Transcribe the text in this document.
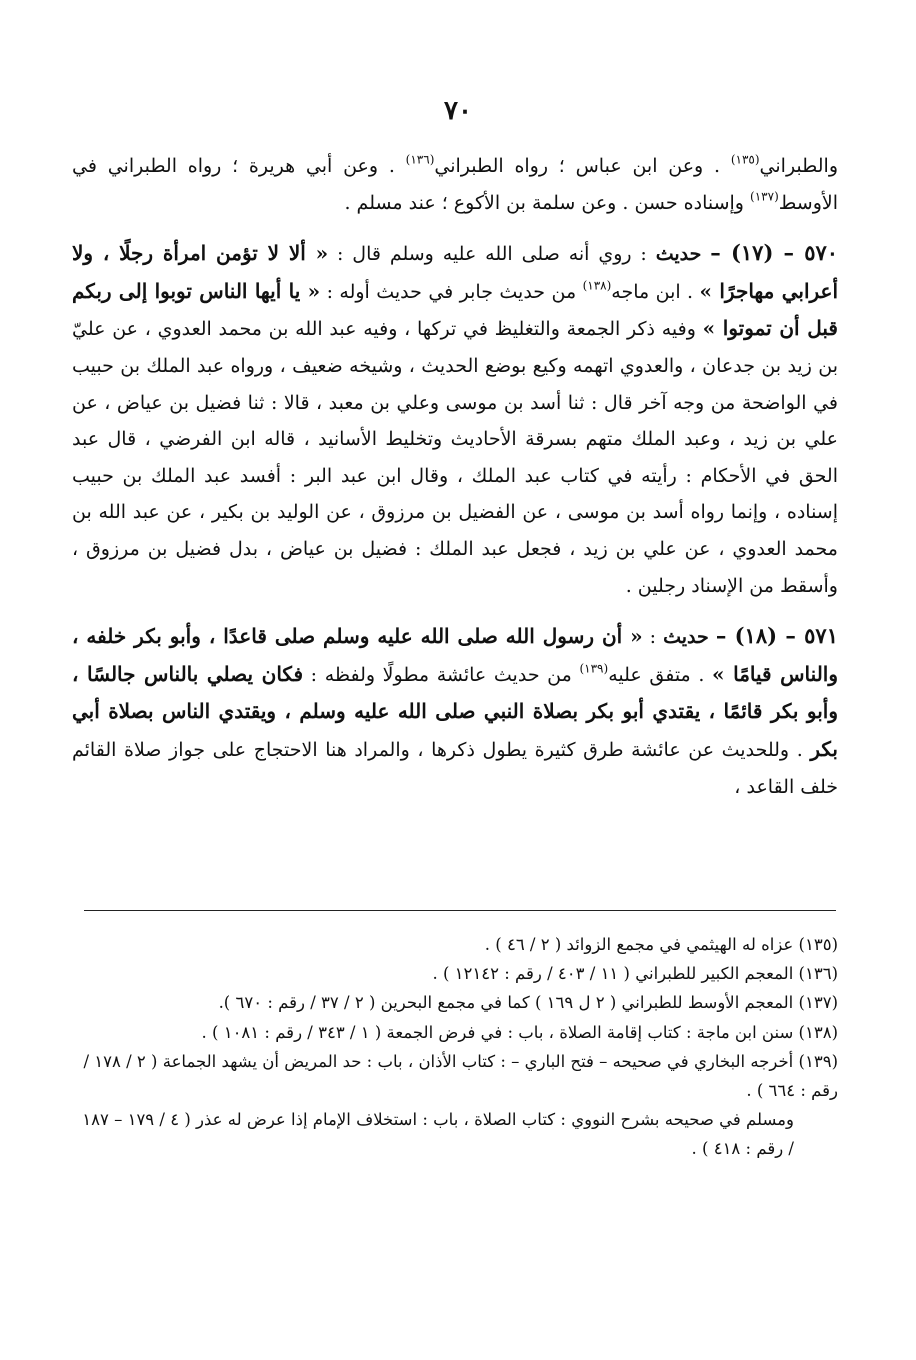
٧٠

والطبراني$^{(١٣٥)}$ . وعن ابن عباس ؛ رواه الطبراني$^{(١٣٦)}$ . وعن أبي هريرة ؛ رواه الطبراني في الأوسط$^{(١٣٧)}$ وإسناده حسن . وعن سلمة بن الأكوع ؛ عند مسلم .

٥٧٠ – (١٧) – حديث : روي أنه صلى الله عليه وسلم قال : « ألا لا تؤمن امرأة رجلًا ، ولا أعرابي مهاجرًا » . ابن ماجه$^{(١٣٨)}$ من حديث جابر في حديث أوله : « يا أيها الناس توبوا إلى ربكم قبل أن تموتوا » وفيه ذكر الجمعة والتغليظ في تركها ، وفيه عبد الله بن محمد العدوي ، عن عليّ بن زيد بن جدعان ، والعدوي اتهمه وكيع بوضع الحديث ، وشيخه ضعيف ، ورواه عبد الملك بن حبيب في الواضحة من وجه آخر قال : ثنا أسد بن موسى وعلي بن معبد ، قالا : ثنا فضيل بن عياض ، عن علي بن زيد ، وعبد الملك متهم بسرقة الأحاديث وتخليط الأسانيد ، قاله ابن الفرضي ، قال عبد الحق في الأحكام : رأيته في كتاب عبد الملك ، وقال ابن عبد البر : أفسد عبد الملك بن حبيب إسناده ، وإنما رواه أسد بن موسى ، عن الفضيل بن مرزوق ، عن الوليد بن بكير ، عن عبد الله بن محمد العدوي ، عن علي بن زيد ، فجعل عبد الملك : فضيل بن عياض ، بدل فضيل بن مرزوق ، وأسقط من الإسناد رجلين .

٥٧١ – (١٨) – حديث : « أن رسول الله صلى الله عليه وسلم صلى قاعدًا ، وأبو بكر خلفه ، والناس قيامًا » . متفق عليه$^{(١٣٩)}$ من حديث عائشة مطولًا ولفظه : فكان يصلي بالناس جالسًا ، وأبو بكر قائمًا ، يقتدي أبو بكر بصلاة النبي صلى الله عليه وسلم ، ويقتدي الناس بصلاة أبي بكر . وللحديث عن عائشة طرق كثيرة يطول ذكرها ، والمراد هنا الاحتجاج على جواز صلاة القائم خلف القاعد ،

(١٣٥) عزاه له الهيثمي في مجمع الزوائد ( ٢ / ٤٦ ) .

(١٣٦) المعجم الكبير للطبراني ( ١١ / ٤٠٣ / رقم : ١٢١٤٢ ) .

(١٣٧) المعجم الأوسط للطبراني ( ٢ ل ١٦٩ ) كما في مجمع البحرين ( ٢ / ٣٧ / رقم : ٦٧٠ ).

(١٣٨) سنن ابن ماجة : كتاب إقامة الصلاة ، باب : في فرض الجمعة ( ١ / ٣٤٣ / رقم : ١٠٨١ ) .

(١٣٩) أخرجه البخاري في صحيحه – فتح الباري – : كتاب الأذان ، باب : حد المريض أن يشهد الجماعة ( ٢ / ١٧٨ / رقم : ٦٦٤ ) .

ومسلم في صحيحه بشرح النووي : كتاب الصلاة ، باب : استخلاف الإمام إذا عرض له عذر ( ٤ / ١٧٩ – ١٨٧ / رقم : ٤١٨ ) .
